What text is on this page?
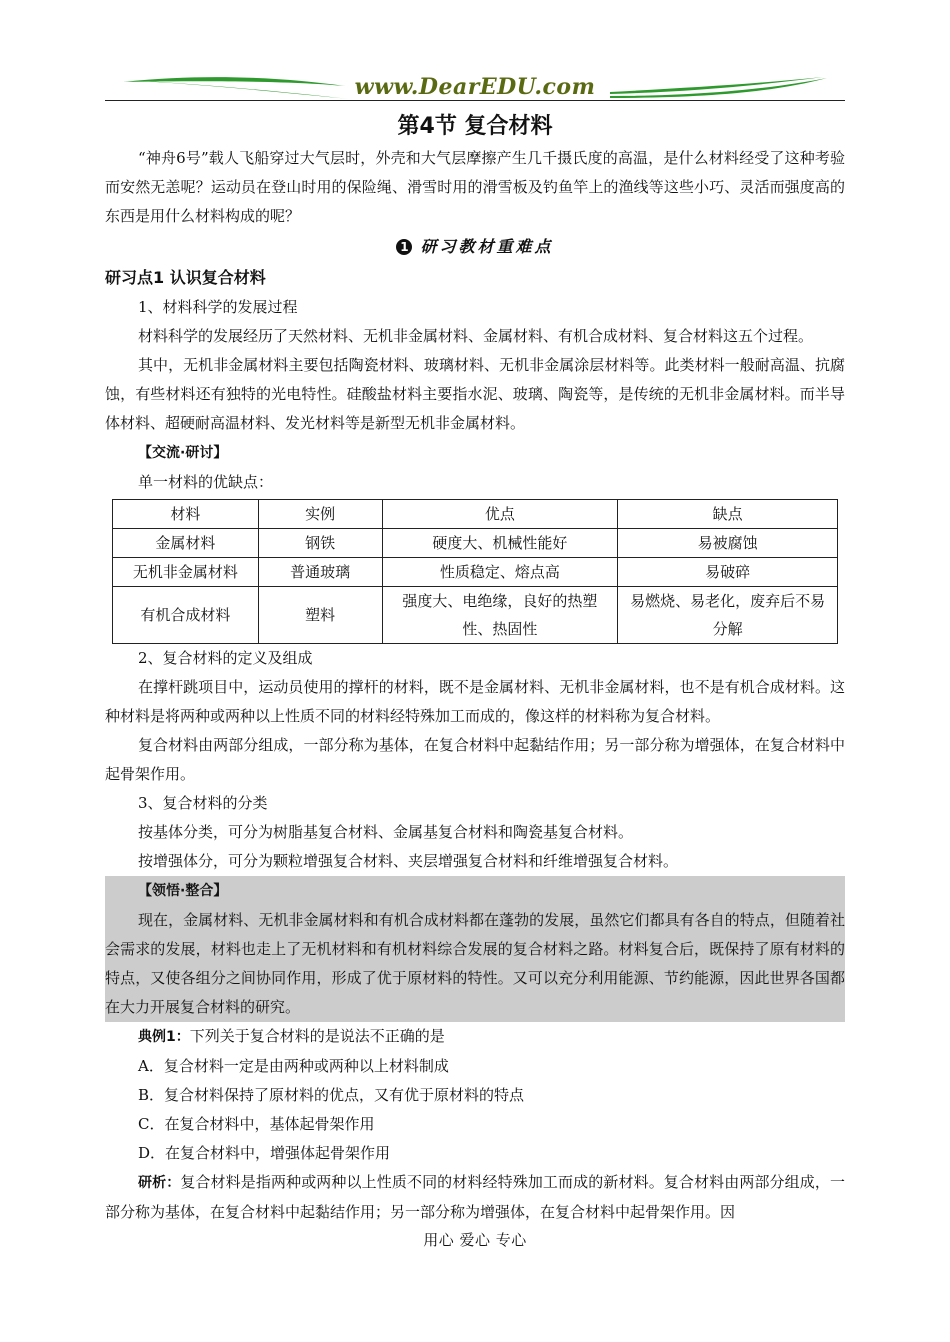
www.DearEDU.com
第4节 复合材料

“神舟6号”载人飞船穿过大气层时，外壳和大气层摩擦产生几千摄氏度的高温，是什么材料经受了这种考验而安然无恙呢？运动员在登山时用的保险绳、滑雪时用的滑雪板及钓鱼竿上的渔线等这些小巧、灵活而强度高的东西是用什么材料构成的呢？

1 研习教材重难点
研习点1 认识复合材料

1、材料科学的发展过程

材料科学的发展经历了天然材料、无机非金属材料、金属材料、有机合成材料、复合材料这五个过程。

其中，无机非金属材料主要包括陶瓷材料、玻璃材料、无机非金属涂层材料等。此类材料一般耐高温、抗腐蚀，有些材料还有独特的光电特性。硅酸盐材料主要指水泥、玻璃、陶瓷等，是传统的无机非金属材料。而半导体材料、超硬耐高温材料、发光材料等是新型无机非金属材料。

【交流·研讨】

单一材料的优缺点：

材料	实例	优点	缺点
金属材料	钢铁	硬度大、机械性能好	易被腐蚀
无机非金属材料	普通玻璃	性质稳定、熔点高	易破碎
有机合成材料	塑料	强度大、电绝缘，良好的热塑性、热固性	易燃烧、易老化，废弃后不易分解

2、复合材料的定义及组成

在撑杆跳项目中，运动员使用的撑杆的材料，既不是金属材料、无机非金属材料，也不是有机合成材料。这种材料是将两种或两种以上性质不同的材料经特殊加工而成的，像这样的材料称为复合材料。

复合材料由两部分组成，一部分称为基体，在复合材料中起黏结作用；另一部分称为增强体，在复合材料中起骨架作用。

3、复合材料的分类

按基体分类，可分为树脂基复合材料、金属基复合材料和陶瓷基复合材料。

按增强体分，可分为颗粒增强复合材料、夹层增强复合材料和纤维增强复合材料。

【领悟·整合】

现在，金属材料、无机非金属材料和有机合成材料都在蓬勃的发展，虽然它们都具有各自的特点，但随着社会需求的发展，材料也走上了无机材料和有机材料综合发展的复合材料之路。材料复合后，既保持了原有材料的特点，又使各组分之间协同作用，形成了优于原材料的特性。又可以充分利用能源、节约能源，因此世界各国都在大力开展复合材料的研究。

典例1：下列关于复合材料的是说法不正确的是

A．复合材料一定是由两种或两种以上材料制成

B．复合材料保持了原材料的优点，又有优于原材料的特点

C．在复合材料中，基体起骨架作用

D．在复合材料中，增强体起骨架作用

研析：复合材料是指两种或两种以上性质不同的材料经特殊加工而成的新材料。复合材料由两部分组成，一部分称为基体，在复合材料中起黏结作用；另一部分称为增强体，在复合材料中起骨架作用。因

用心 爱心 专心
